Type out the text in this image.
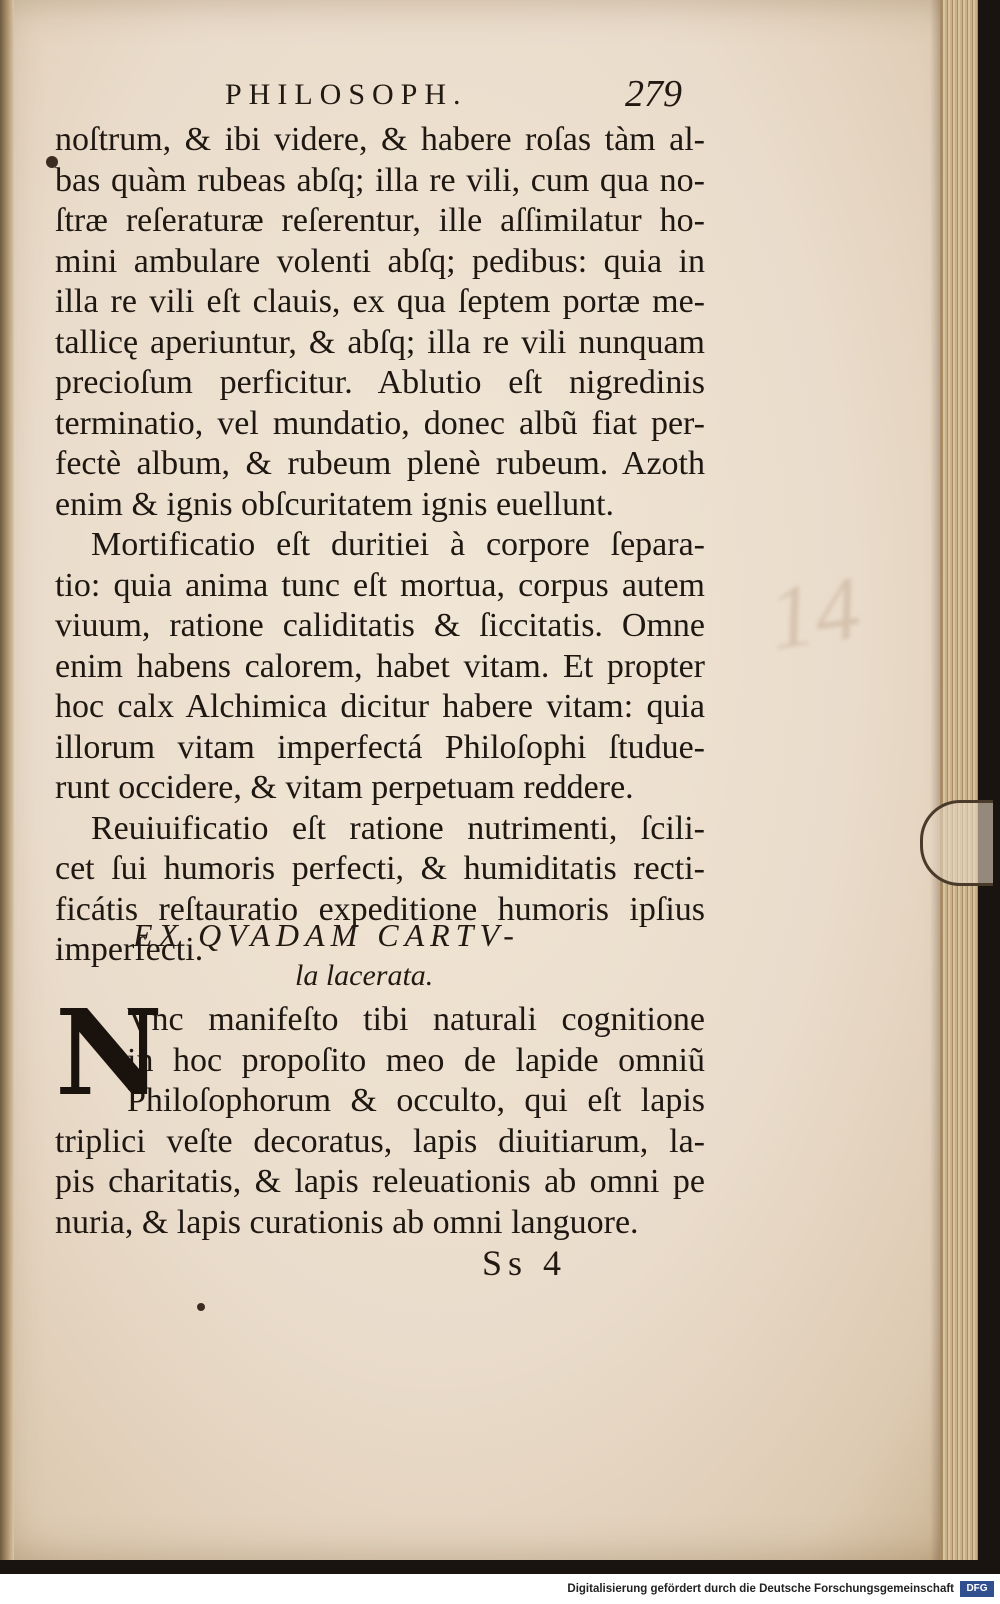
14
PHILOSOPH.	279
noſtrum, & ibi videre, & habere roſas tàm al-
bas quàm rubeas abſq; illa re vili, cum qua no-
ſtræ reſeraturæ reſerentur, ille aſſimilatur ho-
mini ambulare volenti abſq; pedibus: quia in
illa re vili eſt clauis, ex qua ſeptem portæ me-
tallicę aperiuntur, & abſq; illa re vili nunquam
precioſum perficitur. Ablutio eſt nigredinis
terminatio, vel mundatio, donec albũ fiat per-
fectè album, & rubeum plenè rubeum. Azoth
enim & ignis obſcuritatem ignis euellunt.
Mortificatio eſt duritiei à corpore ſepara-
tio: quia anima tunc eſt mortua, corpus autem
viuum, ratione caliditatis & ſiccitatis. Omne
enim habens calorem, habet vitam. Et propter
hoc calx Alchimica dicitur habere vitam: quia
illorum vitam imperfectá Philoſophi ſtudue-
runt occidere, & vitam perpetuam reddere.
Reuiuificatio eſt ratione nutrimenti, ſcili-
cet ſui humoris perfecti, & humiditatis recti-
ficátis reſtauratio expeditione humoris ipſius
imperfecti.
EX QVADAM CARTV-
la lacerata.
N
Vnc manifeſto tibi naturali cognitione
in hoc propoſito meo de lapide omniũ
Philoſophorum & occulto, qui eſt lapis
triplici veſte decoratus, lapis diuitiarum, la-
pis charitatis, & lapis releuationis ab omni pe
nuria, & lapis curationis ab omni languore.
Ss 4
Digitalisierung gefördert durch die Deutsche Forschungsgemeinschaft	DFG
